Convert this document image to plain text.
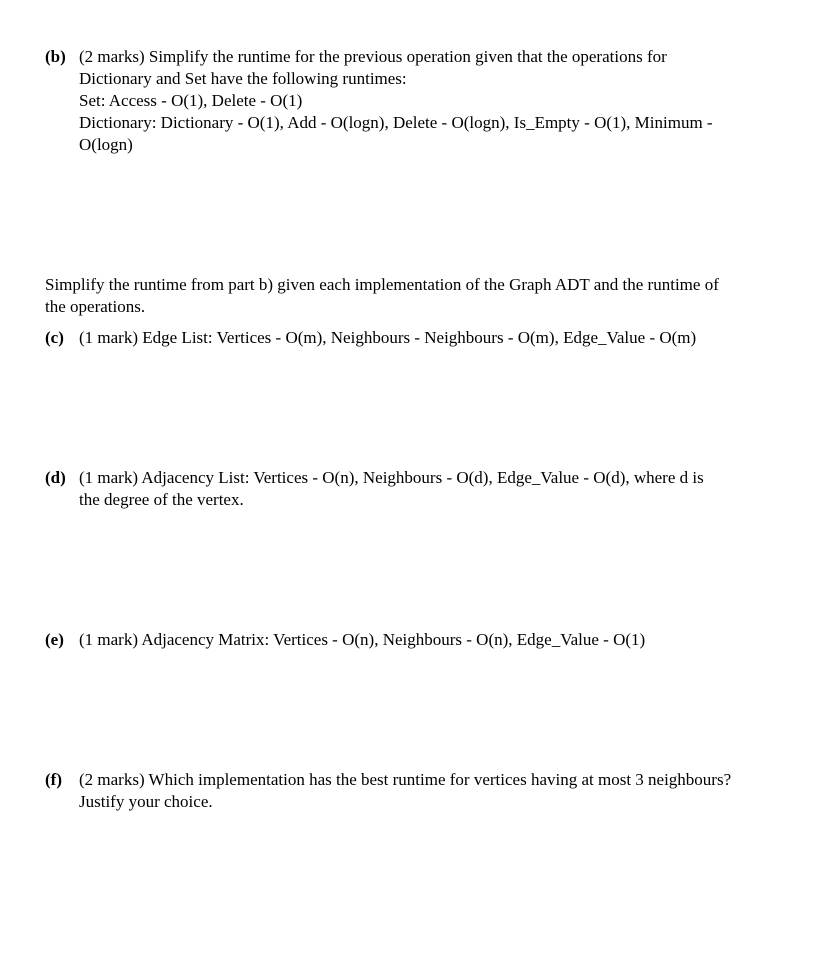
(b) (2 marks) Simplify the runtime for the previous operation given that the operations for
Dictionary and Set have the following runtimes:
Set: Access - O(1), Delete - O(1)
Dictionary: Dictionary - O(1), Add - O(logn), Delete - O(logn), Is_Empty - O(1), Minimum -
O(logn)
Simplify the runtime from part b) given each implementation of the Graph ADT and the runtime of
the operations.
(c) (1 mark) Edge List: Vertices - O(m), Neighbours - Neighbours - O(m), Edge_Value - O(m)
(d) (1 mark) Adjacency List: Vertices - O(n), Neighbours - O(d), Edge_Value - O(d), where d is
the degree of the vertex.
(e) (1 mark) Adjacency Matrix: Vertices - O(n), Neighbours - O(n), Edge_Value - O(1)
(f)	(2 marks) Which implementation has the best runtime for vertices having at most 3 neighbours?
Justify your choice.
